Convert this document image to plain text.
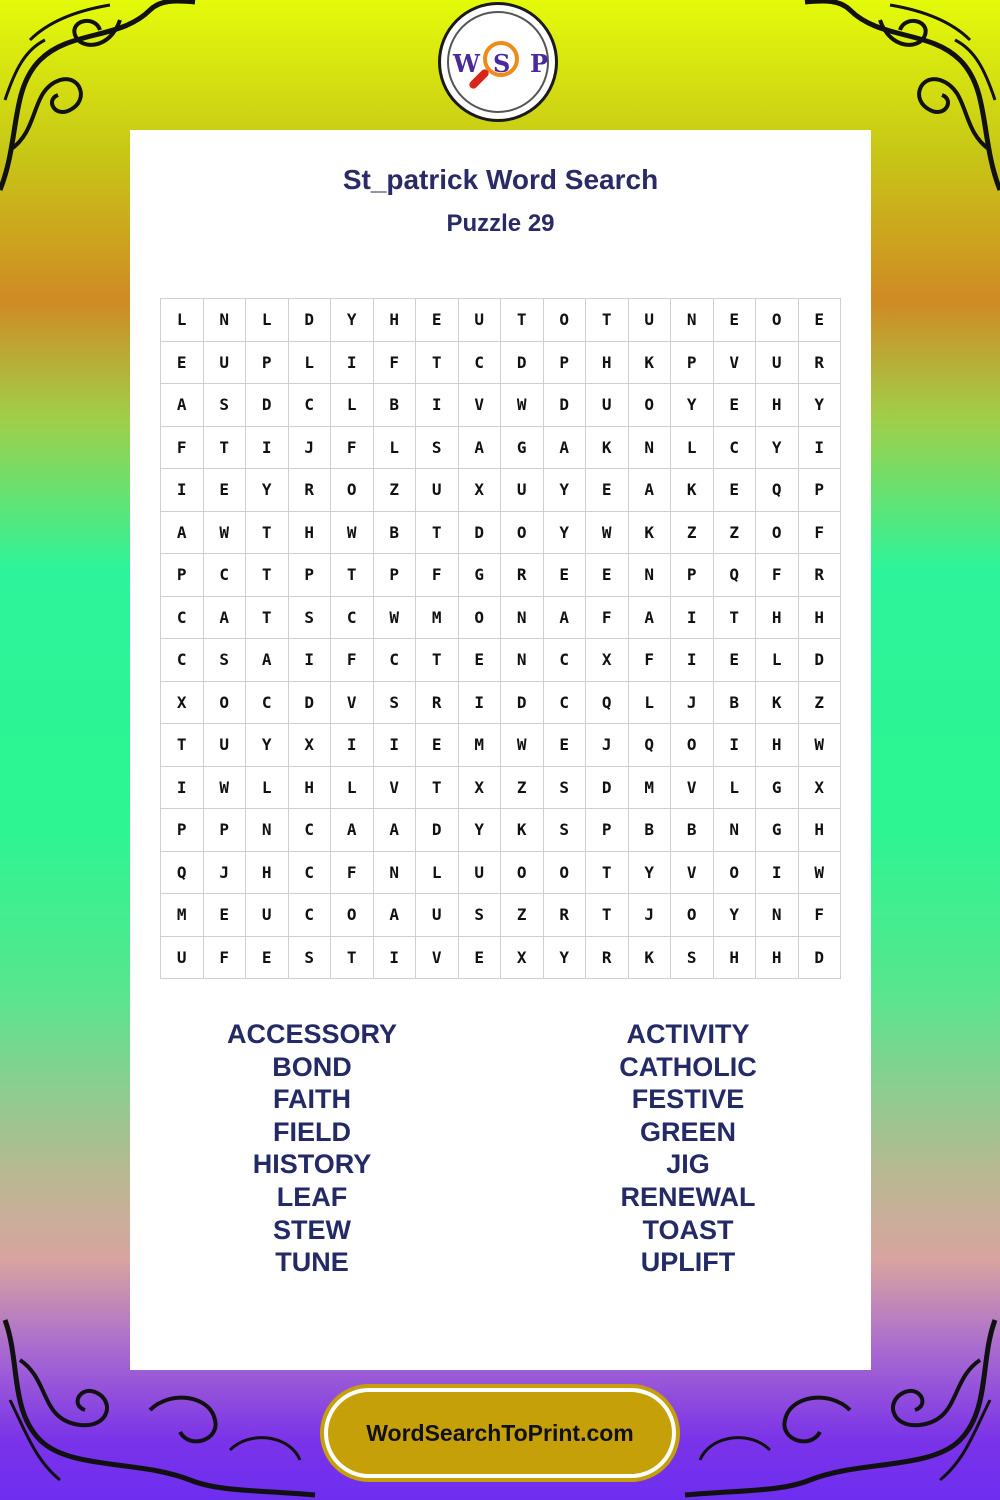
W S P
St_patrick Word Search
Puzzle 29
L	N	L	D	Y	H	E	U	T	O	T	U	N	E	O	E
E	U	P	L	I	F	T	C	D	P	H	K	P	V	U	R
A	S	D	C	L	B	I	V	W	D	U	O	Y	E	H	Y
F	T	I	J	F	L	S	A	G	A	K	N	L	C	Y	I
I	E	Y	R	O	Z	U	X	U	Y	E	A	K	E	Q	P
A	W	T	H	W	B	T	D	O	Y	W	K	Z	Z	O	F
P	C	T	P	T	P	F	G	R	E	E	N	P	Q	F	R
C	A	T	S	C	W	M	O	N	A	F	A	I	T	H	H
C	S	A	I	F	C	T	E	N	C	X	F	I	E	L	D
X	O	C	D	V	S	R	I	D	C	Q	L	J	B	K	Z
T	U	Y	X	I	I	E	M	W	E	J	Q	O	I	H	W
I	W	L	H	L	V	T	X	Z	S	D	M	V	L	G	X
P	P	N	C	A	A	D	Y	K	S	P	B	B	N	G	H
Q	J	H	C	F	N	L	U	O	O	T	Y	V	O	I	W
M	E	U	C	O	A	U	S	Z	R	T	J	O	Y	N	F
U	F	E	S	T	I	V	E	X	Y	R	K	S	H	H	D
ACCESSORY
BOND
FAITH
FIELD
HISTORY
LEAF
STEW
TUNE
ACTIVITY
CATHOLIC
FESTIVE
GREEN
JIG
RENEWAL
TOAST
UPLIFT
WordSearchToPrint.com
